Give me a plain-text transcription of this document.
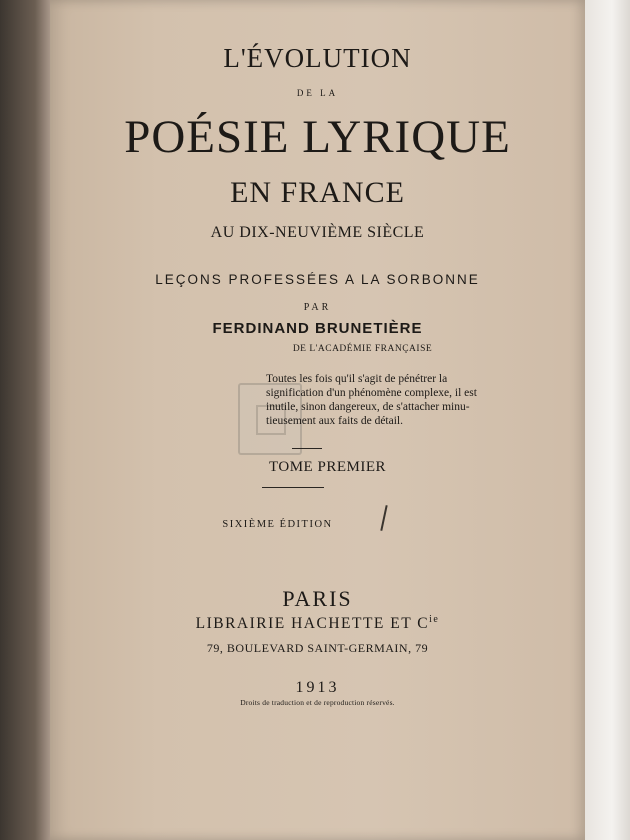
L'ÉVOLUTION
DE LA
POÉSIE LYRIQUE
EN FRANCE
AU DIX-NEUVIÈME SIÈCLE
LEÇONS PROFESSÉES A LA SORBONNE
PAR
FERDINAND BRUNETIÈRE
DE L'ACADÉMIE FRANÇAISE
Toutes les fois qu'il s'agit de pénétrer la
signification d'un phénomène complexe, il est
inutile, sinon dangereux, de s'attacher minu-
tieusement aux faits de détail.
TOME PREMIER
SIXIÈME ÉDITION
PARIS
LIBRAIRIE HACHETTE ET $C^{ie}$
79, BOULEVARD SAINT-GERMAIN, 79
1913
Droits de traduction et de reproduction réservés.
